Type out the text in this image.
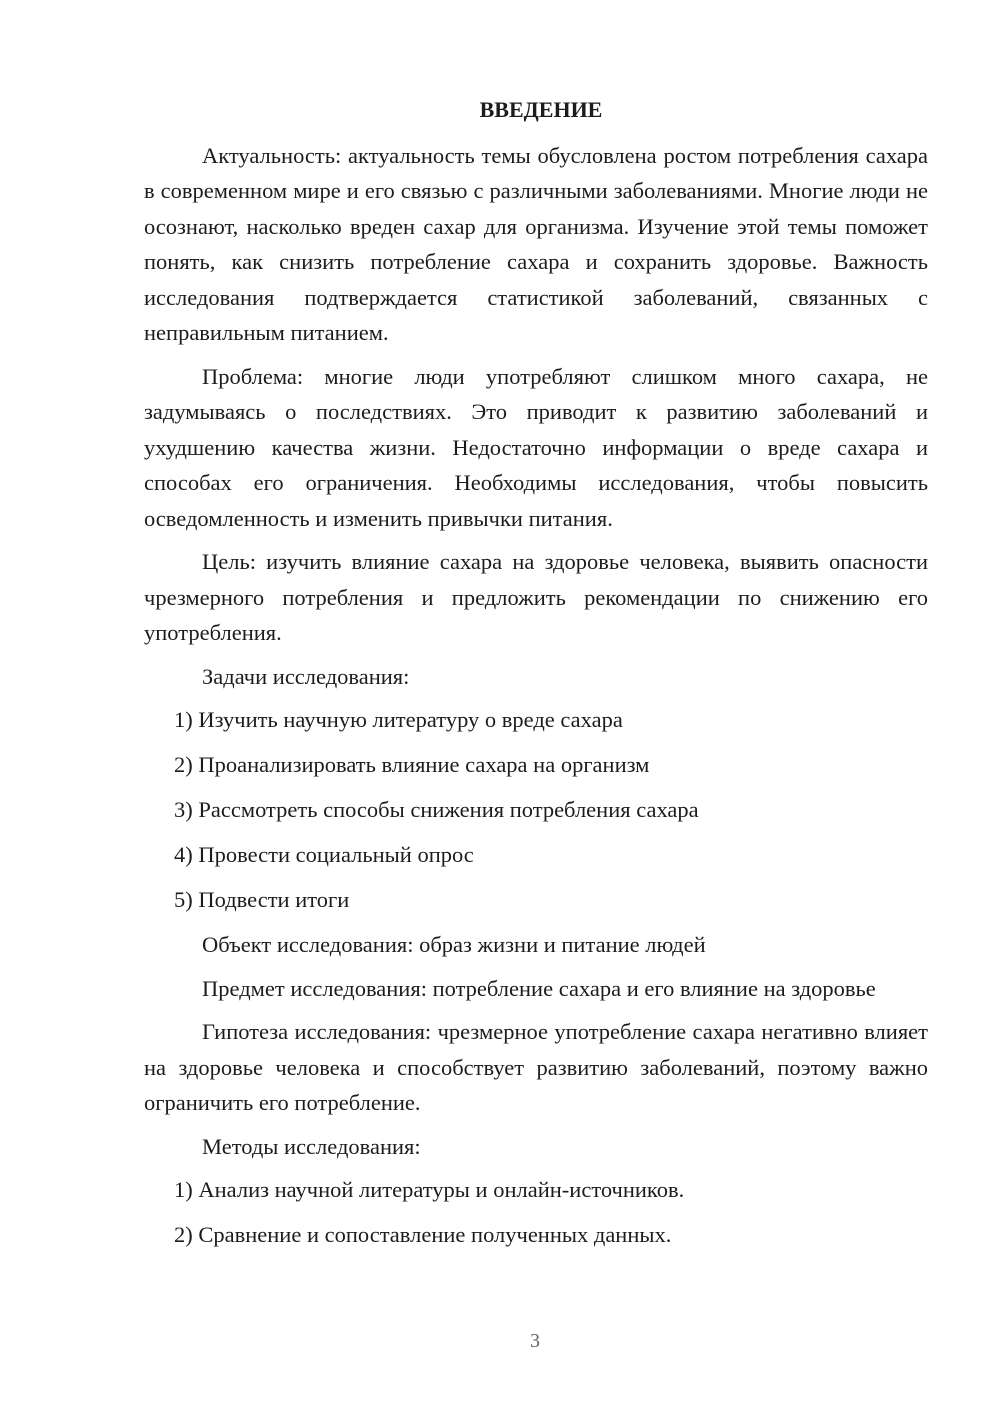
ВВЕДЕНИЕ

Актуальность: актуальность темы обусловлена ростом потребления сахара в современном мире и его связью с различными заболеваниями. Многие люди не осознают, насколько вреден сахар для организма. Изучение этой темы поможет понять, как снизить потребление сахара и сохранить здоровье. Важность исследования подтверждается статистикой заболеваний, связанных с неправильным питанием.

Проблема: многие люди употребляют слишком много сахара, не задумываясь о последствиях. Это приводит к развитию заболеваний и ухудшению качества жизни. Недостаточно информации о вреде сахара и способах его ограничения. Необходимы исследования, чтобы повысить осведомленность и изменить привычки питания.

Цель: изучить влияние сахара на здоровье человека, выявить опасности чрезмерного потребления и предложить рекомендации по снижению его употребления.

Задачи исследования:

1) Изучить научную литературу о вреде сахара
2) Проанализировать влияние сахара на организм
3) Рассмотреть способы снижения потребления сахара
4) Провести социальный опрос
5) Подвести итоги

Объект исследования: образ жизни и питание людей

Предмет исследования: потребление сахара и его влияние на здоровье

Гипотеза исследования: чрезмерное употребление сахара негативно влияет на здоровье человека и способствует развитию заболеваний, поэтому важно ограничить его потребление.

Методы исследования:

1) Анализ научной литературы и онлайн-источников.
2) Сравнение и сопоставление полученных данных.
3
